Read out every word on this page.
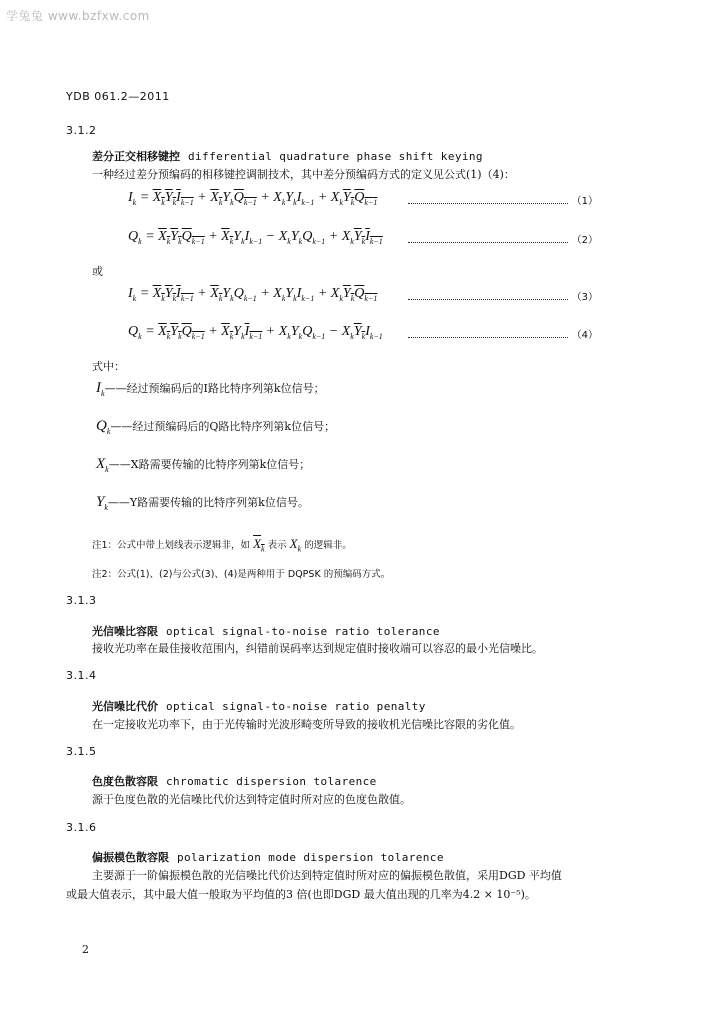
学兔兔 www.bzfxw.com
YDB 061.2—2011
3.1.2
差分正交相移键控 differential quadrature phase shift keying
一种经过差分预编码的相移键控调制技术，其中差分预编码方式的定义见公式(1)（4)：
$I_k = X_kY_kI_{k-1} + X_kY_kQ_{k-1} + X_kY_kI_{k-1} + X_kY_kQ_{k-1}$	（1）
$Q_k = X_kY_kQ_{k-1} + X_kY_kI_{k-1} - X_kY_kQ_{k-1} + X_kY_kI_{k-1}$	（2）
或
$I_k = X_kY_kI_{k-1} + X_kY_kQ_{k-1} + X_kY_kI_{k-1} + X_kY_kQ_{k-1}$	（3）
$Q_k = X_kY_kQ_{k-1} + X_kY_kI_{k-1} + X_kY_kQ_{k-1} - X_kY_kI_{k-1}$	（4）
式中：
$I_k——$经过预编码后的I路比特序列第k位信号；
$Q_k——$经过预编码后的Q路比特序列第k位信号；
$X_k——X$路需要传输的比特序列第k位信号；
$Y_k——Y$路需要传输的比特序列第k位信号。
注1：公式中带上划线表示逻辑非，如 $X_k$ 表示 $X_k$ 的逻辑非。
注2：公式(1)、(2)与公式(3)、(4)是两种用于 DQPSK 的预编码方式。
3.1.3
光信噪比容限 optical signal-to-noise ratio tolerance
接收光功率在最佳接收范围内，纠错前误码率达到规定值时接收端可以容忍的最小光信噪比。
3.1.4
光信噪比代价 optical signal-to-noise ratio penalty
在一定接收光功率下，由于光传输时光波形畸变所导致的接收机光信噪比容限的劣化值。
3.1.5
色度色散容限 chromatic dispersion tolarence
源于色度色散的光信噪比代价达到特定值时所对应的色度色散值。
3.1.6
偏振模色散容限 polarization mode dispersion tolarence
主要源于一阶偏振模色散的光信噪比代价达到特定值时所对应的偏振模色散值，采用DGD 平均值
或最大值表示，其中最大值一般取为平均值的3 倍(也即DGD 最大值出现的几率为4.2 × 10⁻⁵)。
2
